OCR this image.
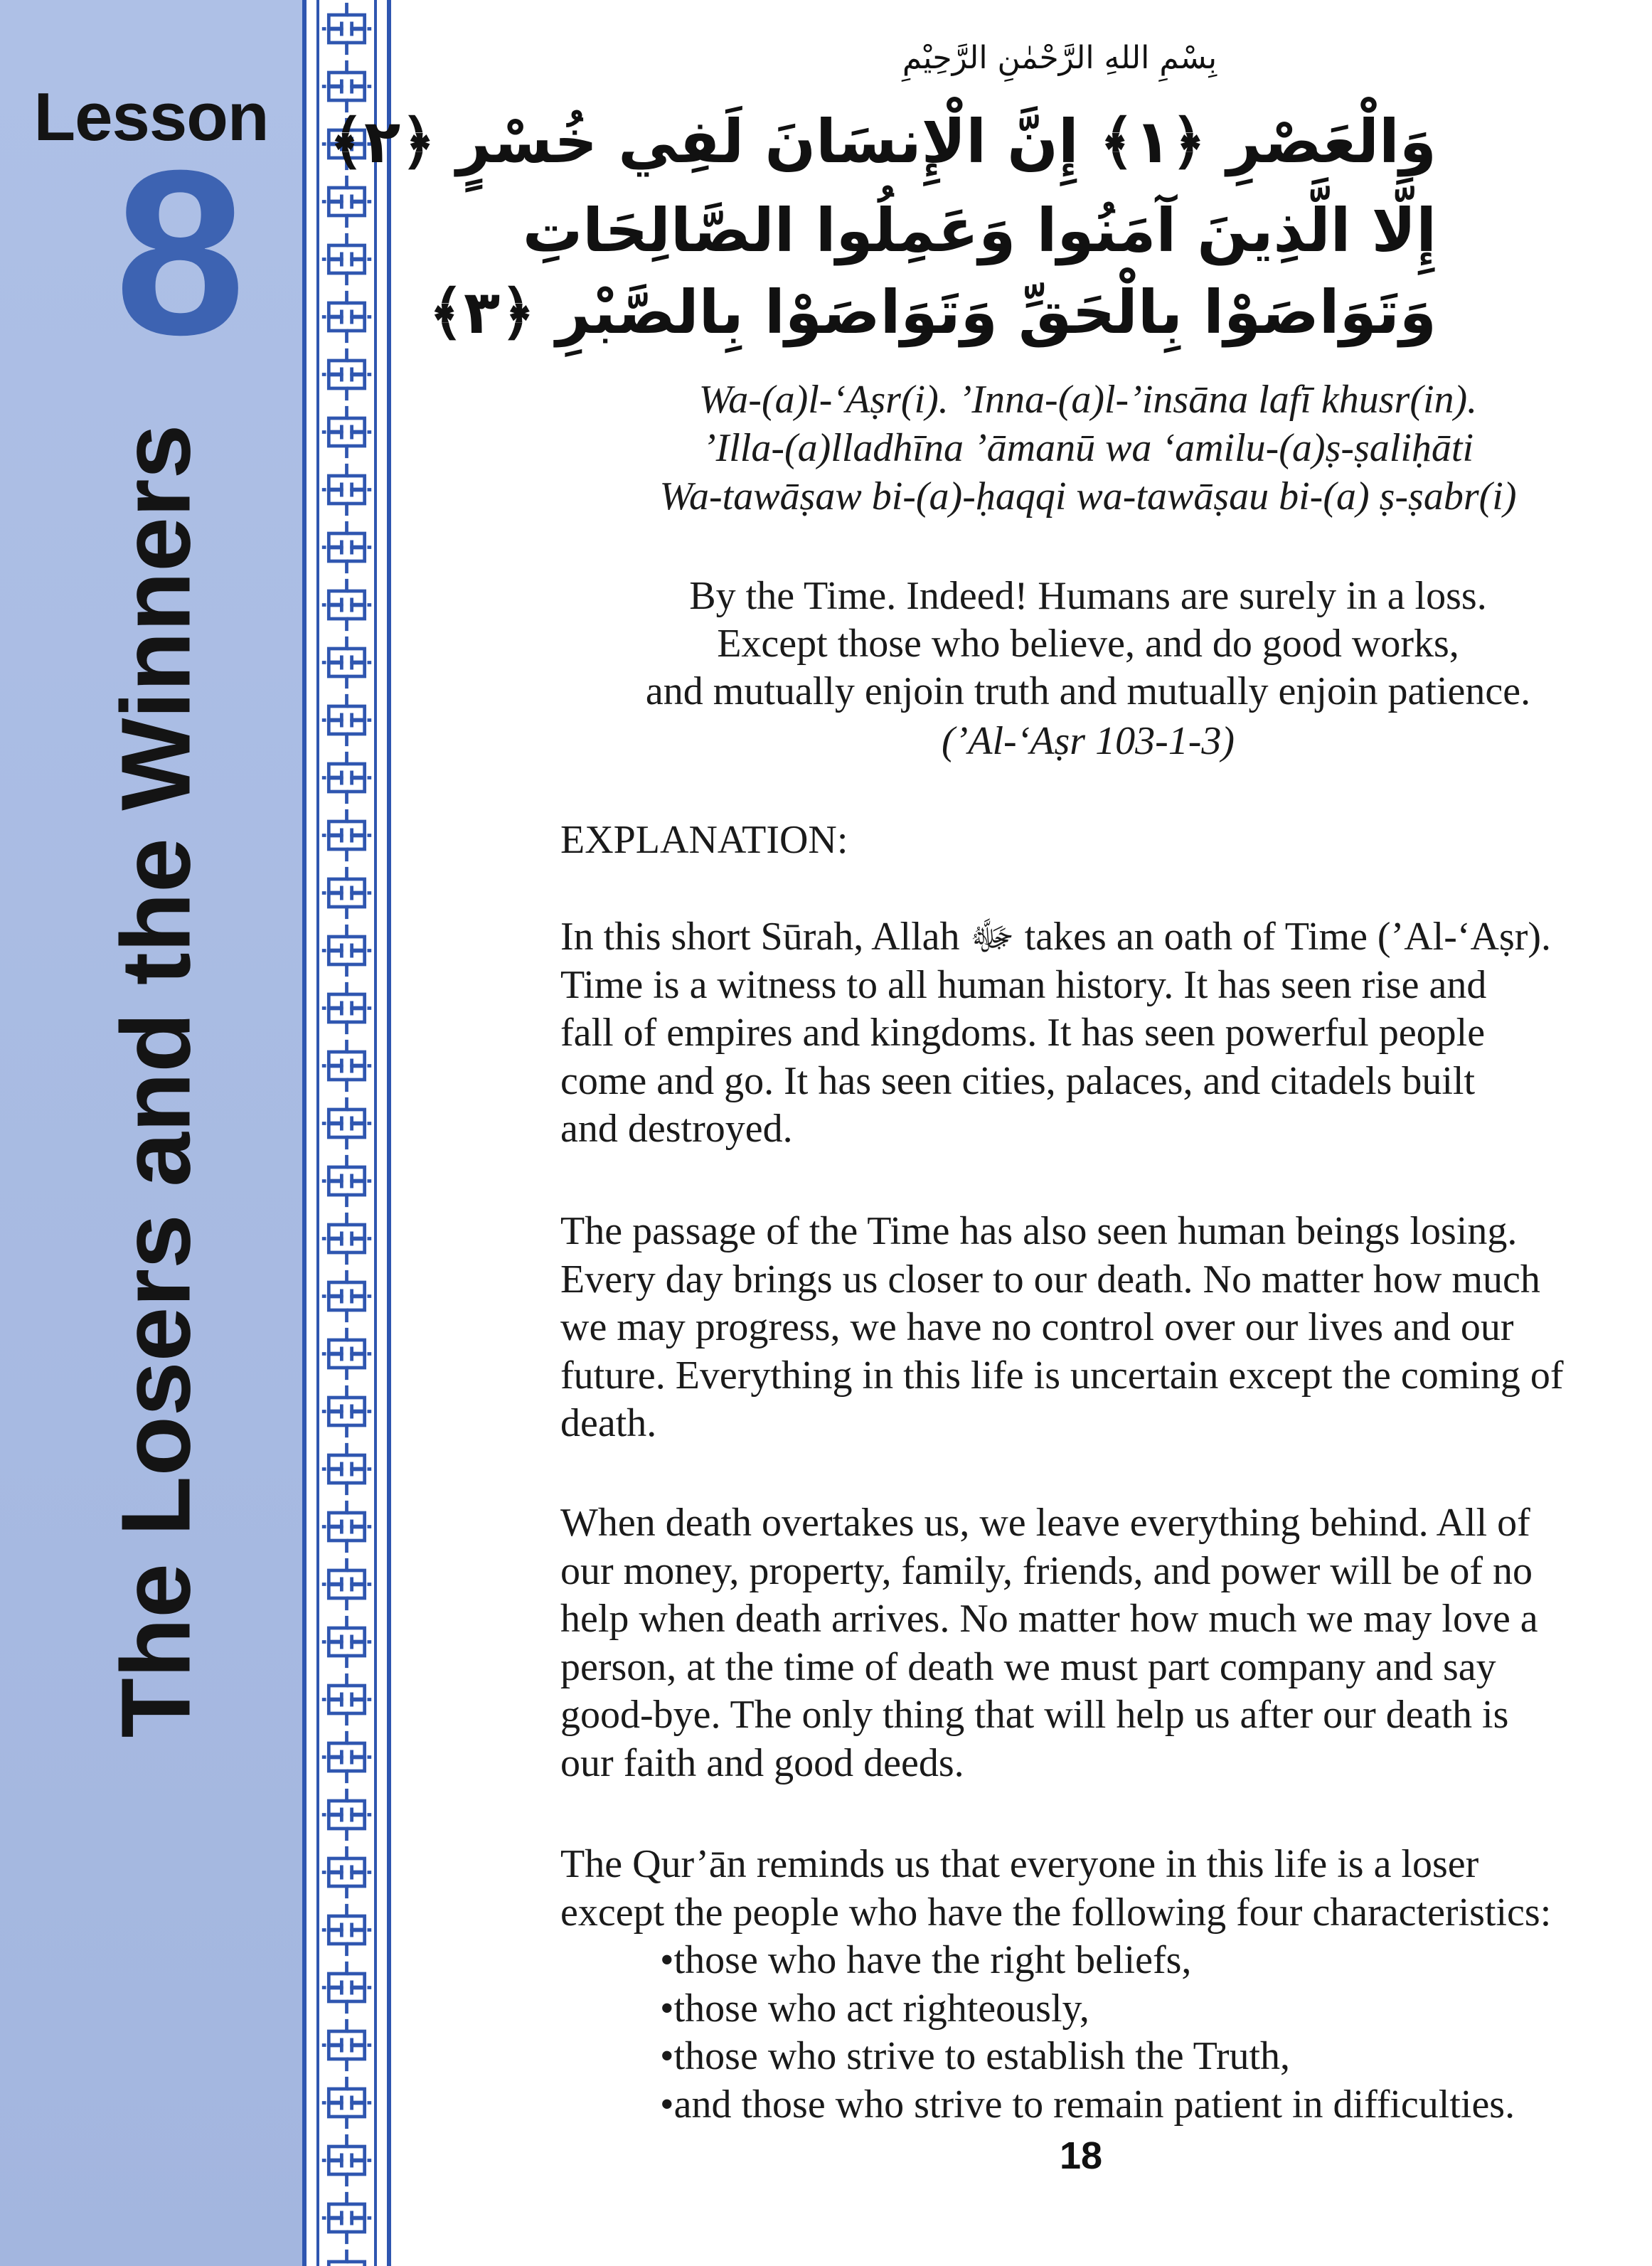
Lesson
8
The Losers and the Winners
بِسْمِ اللهِ الرَّحْمٰنِ الرَّحِيْمِ
وَالْعَصْرِ ﴿١﴾ إِنَّ الْإِنسَانَ لَفِي خُسْرٍ ﴿٢﴾
إِلَّا الَّذِينَ آمَنُوا وَعَمِلُوا الصَّالِحَاتِ
وَتَوَاصَوْا بِالْحَقِّ وَتَوَاصَوْا بِالصَّبْرِ ﴿٣﴾
Wa-(a)l-‘Aṣr(i). ’Inna-(a)l-’insāna lafī khusr(in).
’Illa-(a)lladhīna ’āmanū wa ‘amilu-(a)ṣ-ṣaliḥāti
Wa-tawāṣaw bi-(a)-ḥaqqi wa-tawāṣau bi-(a) ṣ-ṣabr(i)
By the Time. Indeed! Humans are surely in a loss.
Except those who believe, and do good works,
and mutually enjoin truth and mutually enjoin patience.
(’Al-‘Aṣr 103-1-3)
EXPLANATION:
In this short Sūrah, Allah ﷻ takes an oath of Time (’Al-‘Aṣr).
Time is a witness to all human history. It has seen rise and
fall of empires and kingdoms. It has seen powerful people
come and go. It has seen cities, palaces, and citadels built
and destroyed.
The passage of the Time has also seen human beings losing.
Every day brings us closer to our death. No matter how much
we may progress, we have no control over our lives and our
future. Everything in this life is uncertain except the coming of
death.
When death overtakes us, we leave everything behind. All of
our money, property, family, friends, and power will be of no
help when death arrives. No matter how much we may love a
person, at the time of death we must part company and say
good-bye. The only thing that will help us after our death is
our faith and good deeds.
The Qur’ān reminds us that everyone in this life is a loser
except the people who have the following four characteristics:
•those who have the right beliefs,
•those who act righteously,
•those who strive to establish the Truth,
•and those who strive to remain patient in difficulties.
18
